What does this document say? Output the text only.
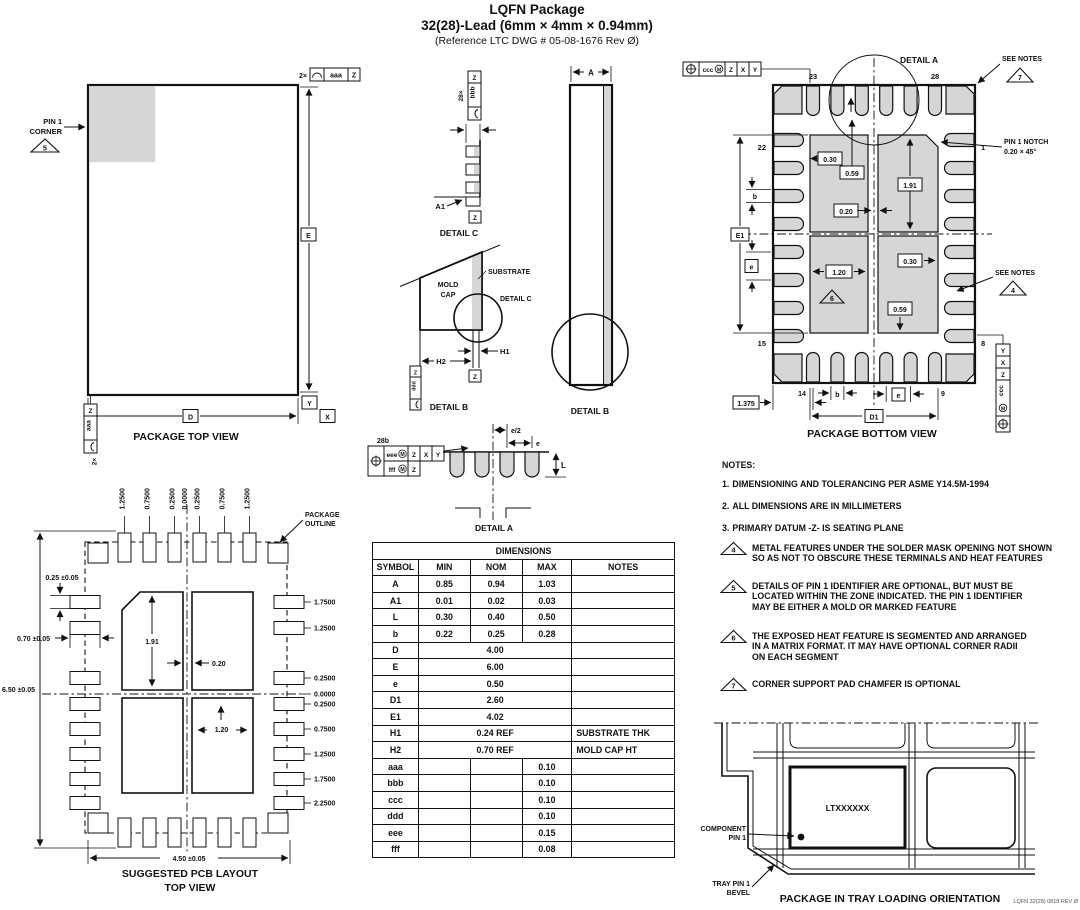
PIN 1
CORNER
5
2×	aaa Z
E
Y
D	X
Z
aaa
2×
PACKAGE TOP VIEW
28×
Z
bbb
A1
Z
DETAIL C
MOLD
CAP
SUBSTRATE
DETAIL C
H1
H2
Z
ddd
Z
DETAIL B
A
DETAIL B
28b
eee M Z X Y
fff M Z
e/2
e
L
DETAIL A
DETAIL A
ccc M Z X Y
23	28
22	1
15	8
SEE NOTES
7
PIN 1 NOTCH
0.20 × 45°
SEE NOTES
4
6
0.30
0.59
1.91
0.20
1.20
0.30
0.59
E1
b
e
14	9
b	e
1.375
D1
Y
X
Z
ccc
M
PACKAGE BOTTOM VIEW
1.2500	0.7500	0.2500 0.0000 0.2500	0.7500	1.2500
1.7500
1.2500
0.2500
0.0000
0.2500
0.7500
1.2500
1.7500
2.2500
0.25 ±0.05
0.70 ±0.05
6.50 ±0.05
1.91
0.20
1.20
4.50 ±0.05
PACKAGE
OUTLINE
SUGGESTED PCB LAYOUT
TOP VIEW
LTXXXXXX
COMPONENT
PIN 1
TRAY PIN 1
BEVEL	PACKAGE IN TRAY LOADING ORIENTATION LQFN 32(28) 0818 REV Ø
LQFN Package
32(28)-Lead (6mm × 4mm × 0.94mm)
(Reference LTC DWG # 05-08-1676 Rev Ø)
NOTES:
1. DIMENSIONING AND TOLERANCING PER ASME Y14.5M-1994
2. ALL DIMENSIONS ARE IN MILLIMETERS
3. PRIMARY DATUM -Z- IS SEATING PLANE
4 METAL FEATURES UNDER THE SOLDER MASK OPENING NOT SHOWN
SO AS NOT TO OBSCURE THESE TERMINALS AND HEAT FEATURES
5 DETAILS OF PIN 1 IDENTIFIER ARE OPTIONAL, BUT MUST BE
LOCATED WITHIN THE ZONE INDICATED. THE PIN 1 IDENTIFIER
MAY BE EITHER A MOLD OR MARKED FEATURE
6 THE EXPOSED HEAT FEATURE IS SEGMENTED AND ARRANGED
IN A MATRIX FORMAT. IT MAY HAVE OPTIONAL CORNER RADII
ON EACH SEGMENT
7 CORNER SUPPORT PAD CHAMFER IS OPTIONAL
DIMENSIONS				
SYMBOL	MIN	NOM	MAX	NOTES
A	0.85	0.94	1.03	
A1	0.01	0.02	0.03	
L	0.30	0.40	0.50	
b	0.22	0.25	0.28	
D	4.00			
E	6.00			
e	0.50			
D1	2.60			
E1	4.02			
H1	0.24 REF			SUBSTRATE THK
H2	0.70 REF			MOLD CAP HT
aaa			0.10	
bbb			0.10	
ccc			0.10	
ddd			0.10	
eee			0.15	
fff			0.08	
